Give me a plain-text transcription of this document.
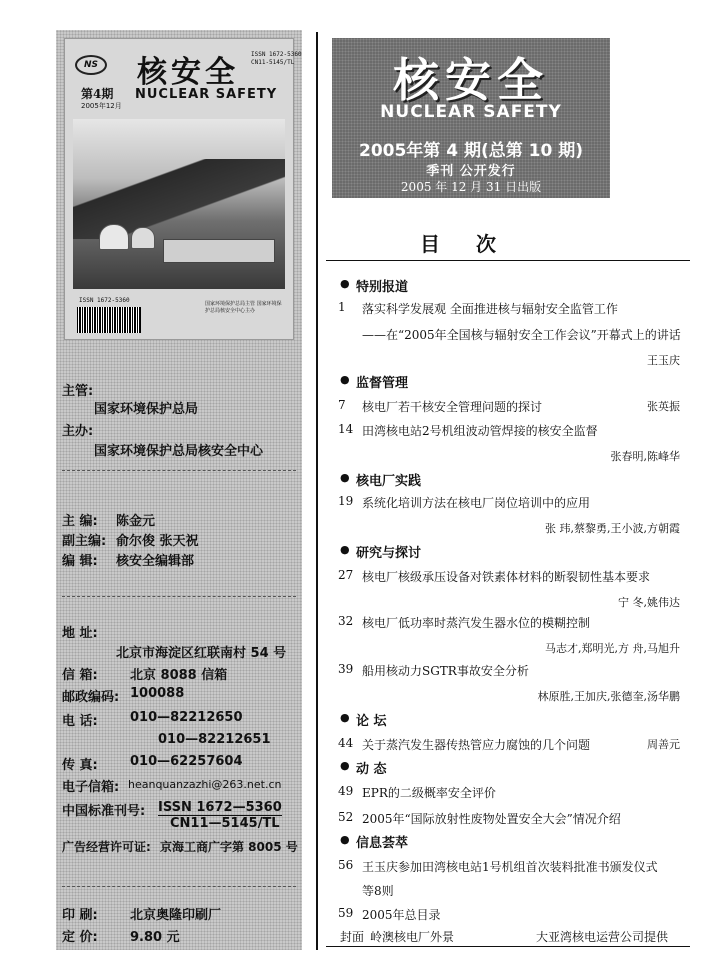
NS	核安全
NUCLEAR SAFETY
第4期
2005年12月
ISSN 1672-5360
CN11-5145/TL
ISSN 1672-5360	国家环境保护总局主管 国家环境保护总局核安全中心主办
主管:
国家环境保护总局
主办:
国家环境保护总局核安全中心
主 编: 陈金元
副主编: 俞尔俊 张天祝
编 辑: 核安全编辑部
地 址:
北京市海淀区红联南村 54 号
信 箱: 北京 8088 信箱
邮政编码: 100088
电 话: 010—82212650
010—82212651
传 真: 010—62257604
电子信箱: heanquanzazhi@263.net.cn
中国标准刊号: ISSN 1672—5360
CN11—5145/TL
广告经营许可证: 京海工商广字第 8005 号
印 刷: 北京奥隆印刷厂
定 价: 9.80 元
核安全
NUCLEAR SAFETY
2005年第 4 期(总第 10 期)
季刊 公开发行
2005 年 12 月 31 日出版
目次
● 特别报道
1	落实科学发展观 全面推进核与辐射安全监管工作
——在“2005年全国核与辐射安全工作会议”开幕式上的讲话
王玉庆
● 监督管理
7	核电厂若干核安全管理问题的探讨	张英振
14 田湾核电站2号机组波动管焊接的核安全监督
张春明,陈峰华
● 核电厂实践
19 系统化培训方法在核电厂岗位培训中的应用
张 玮,蔡黎勇,王小波,方朝霞
● 研究与探讨
27 核电厂核级承压设备对铁素体材料的断裂韧性基本要求
宁 冬,姚伟达
32 核电厂低功率时蒸汽发生器水位的模糊控制
马志才,郑明光,方 舟,马旭升
39 船用核动力SGTR事故安全分析
林原胜,王加庆,张德奎,汤华鹏
● 论 坛
44 关于蒸汽发生器传热管应力腐蚀的几个问题	周善元
● 动 态
49 EPR的二级概率安全评价
52 2005年“国际放射性废物处置安全大会”情况介绍
● 信息荟萃
56 王玉庆参加田湾核电站1号机组首次装料批准书颁发仪式
等8则
59 2005年总目录
封面 岭澳核电厂外景	大亚湾核电运营公司提供
